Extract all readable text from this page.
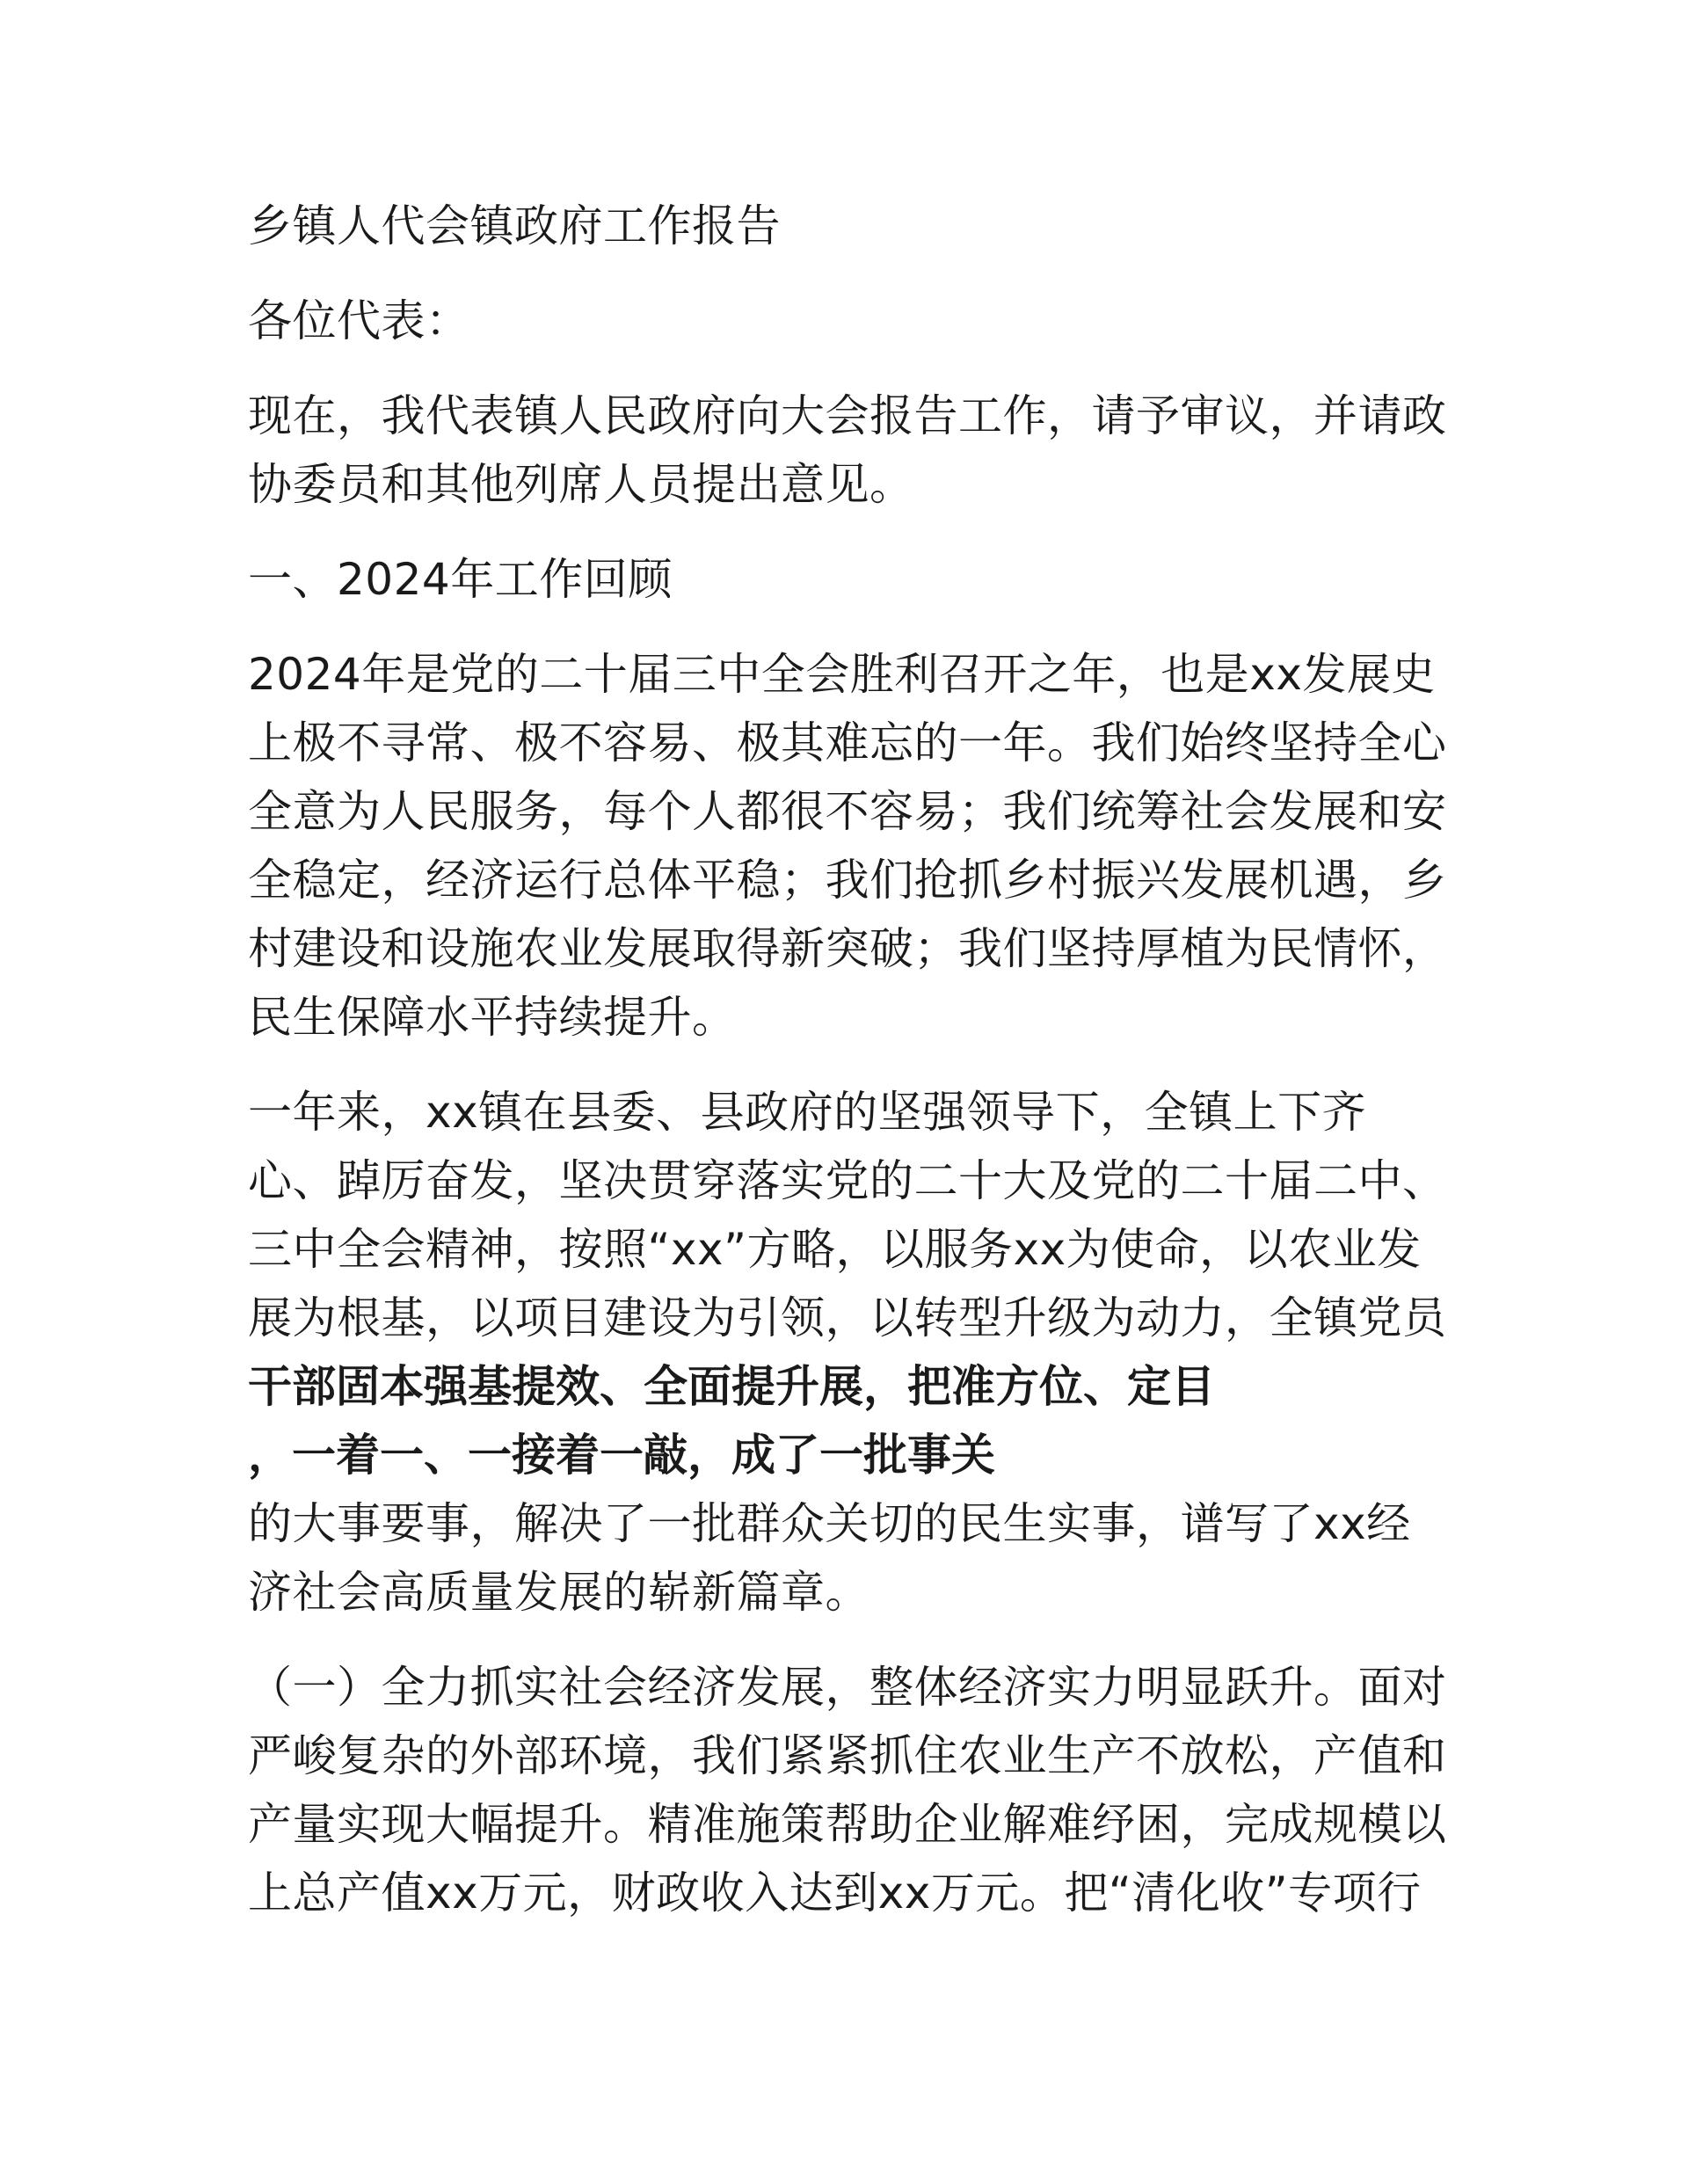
乡镇人代会镇政府工作报告

各位代表：

现在，我代表镇人民政府向大会报告工作，请予审议，并请政

协委员和其他列席人员提出意见。

一、2024年工作回顾

2024年是党的二十届三中全会胜利召开之年，也是xx发展史

上极不寻常、极不容易、极其难忘的一年。我们始终坚持全心

全意为人民服务，每个人都很不容易；我们统筹社会发展和安

全稳定，经济运行总体平稳；我们抢抓乡村振兴发展机遇，乡

村建设和设施农业发展取得新突破；我们坚持厚植为民情怀，

民生保障水平持续提升。

一年来，xx镇在县委、县政府的坚强领导下，全镇上下齐

心、踔厉奋发，坚决贯穿落实党的二十大及党的二十届二中、

三中全会精神，按照“xx”方略，以服务xx为使命，以农业发

展为根基，以项目建设为引领，以转型升级为动力，全镇党员

干部固本强基提效、全面提升展，把准方位、定目

，一着一、一接着一敲，成了一批事关

的大事要事，解决了一批群众关切的民生实事，谱写了xx经

济社会高质量发展的崭新篇章。

（一）全力抓实社会经济发展，整体经济实力明显跃升。面对

严峻复杂的外部环境，我们紧紧抓住农业生产不放松，产值和

产量实现大幅提升。精准施策帮助企业解难纾困，完成规模以

上总产值xx万元，财政收入达到xx万元。把“清化收”专项行
